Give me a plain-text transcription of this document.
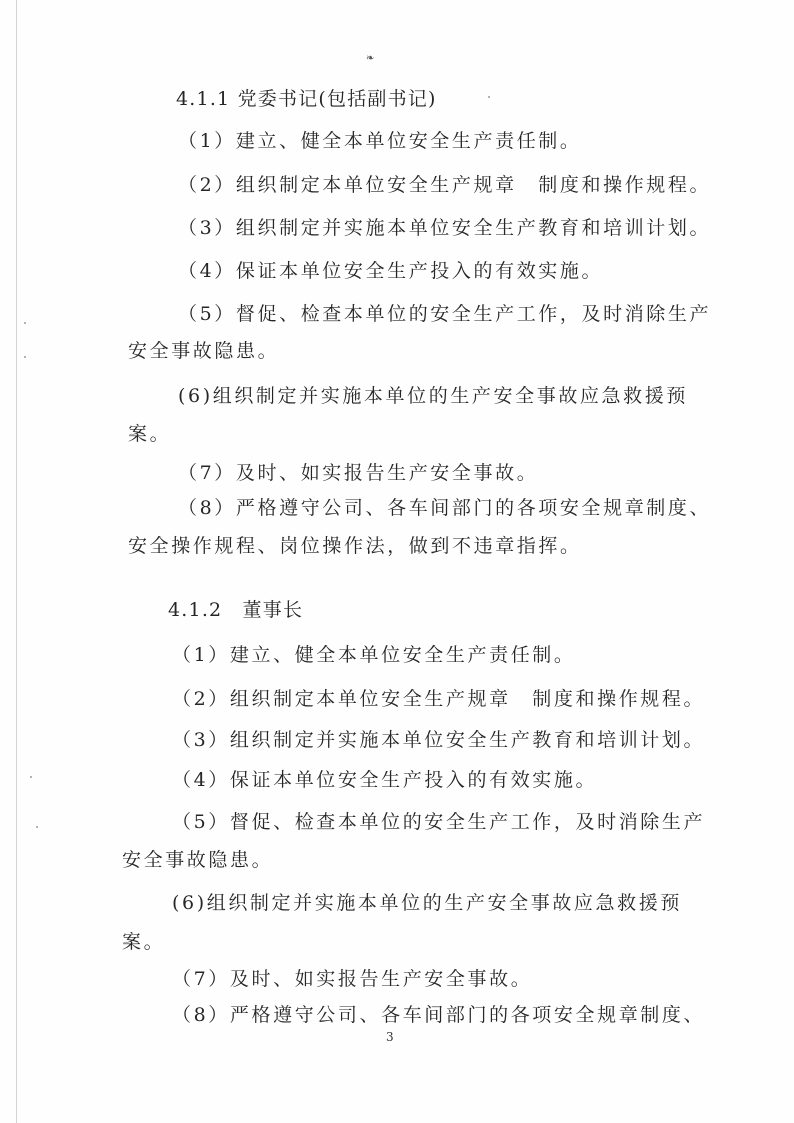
❧
4.1.1 党委书记(包括副书记)
（1）建立、健全本单位安全生产责任制。
（2）组织制定本单位安全生产规章　制度和操作规程。
（3）组织制定并实施本单位安全生产教育和培训计划。
（4）保证本单位安全生产投入的有效实施。
（5）督促、检查本单位的安全生产工作，及时消除生产
安全事故隐患。
(6)组织制定并实施本单位的生产安全事故应急救援预
案。
（7）及时、如实报告生产安全事故。
（8）严格遵守公司、各车间部门的各项安全规章制度、
安全操作规程、岗位操作法，做到不违章指挥。
4.1.2　董事长
（1）建立、健全本单位安全生产责任制。
（2）组织制定本单位安全生产规章　制度和操作规程。
（3）组织制定并实施本单位安全生产教育和培训计划。
（4）保证本单位安全生产投入的有效实施。
（5）督促、检查本单位的安全生产工作，及时消除生产
安全事故隐患。
(6)组织制定并实施本单位的生产安全事故应急救援预
案。
（7）及时、如实报告生产安全事故。
（8）严格遵守公司、各车间部门的各项安全规章制度、
3
